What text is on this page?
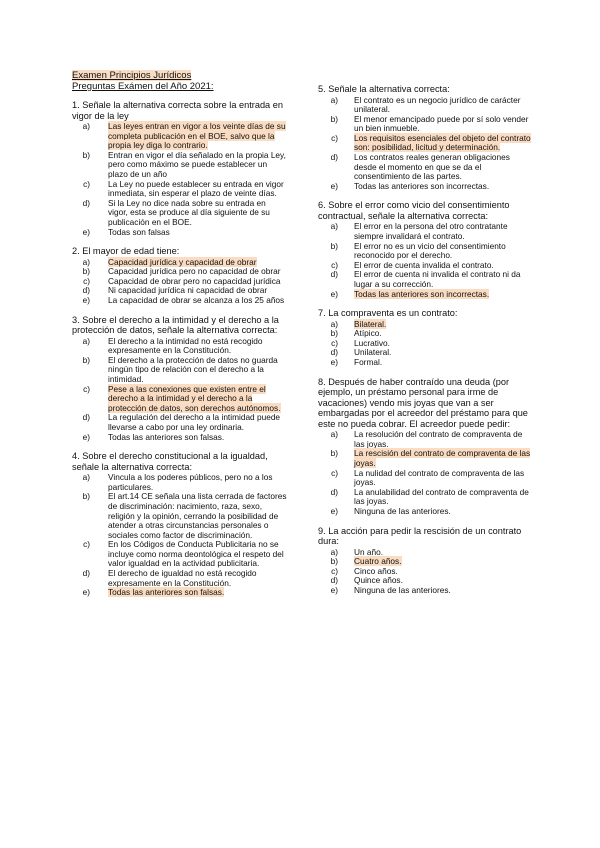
Examen Principios Jurídicos

Preguntas Exámen del Año 2021:

1. Señale la alternativa correcta sobre la entrada en vigor de la ley

a)	Las leyes entran en vigor a los veinte días de su completa publicación en el BOE, salvo que la propia ley diga lo contrario.
b)	Entran en vigor el día señalado en la propia Ley, pero como máximo se puede establecer un plazo de un año
c)	La Ley no puede establecer su entrada en vigor inmediata, sin esperar el plazo de veinte días.
d)	Si la Ley no dice nada sobre su entrada en vigor, esta se produce al día siguiente de su publicación en el BOE.
e)	Todas son falsas

2. El mayor de edad tiene:

a)	Capacidad jurídica y capacidad de obrar
b)	Capacidad jurídica pero no capacidad de obrar
c)	Capacidad de obrar pero no capacidad jurídica
d)	Ni capacidad jurídica ni capacidad de obrar
e)	La capacidad de obrar se alcanza a los 25 años

3. Sobre el derecho a la intimidad y el derecho a la protección de datos, señale la alternativa correcta:

a)	El derecho a la intimidad no está recogido expresamente en la Constitución.
b)	El derecho a la protección de datos no guarda ningún tipo de relación con el derecho a la intimidad.
c)	Pese a las conexiones que existen entre el derecho a la intimidad y el derecho a la protección de datos, son derechos autónomos.
d)	La regulación del derecho a la intimidad puede llevarse a cabo por una ley ordinaria.
e)	Todas las anteriores son falsas.

4. Sobre el derecho constitucional a la igualdad, señale la alternativa correcta:

a)	Vincula a los poderes públicos, pero no a los particulares.
b)	El art.14 CE señala una lista cerrada de factores de discriminación: nacimiento, raza, sexo, religión y la opinión, cerrando la posibilidad de atender a otras circunstancias personales o sociales como factor de discriminación.
c)	En los Códigos de Conducta Publicitaria no se incluye como norma deontológica el respeto del valor igualdad en la actividad publicitaria.
d)	El derecho de igualdad no está recogido expresamente en la Constitución.
e)	Todas las anteriores son falsas.

5. Señale la alternativa correcta:

a)	El contrato es un negocio jurídico de carácter unilateral.
b)	El menor emancipado puede por sí solo vender un bien inmueble.
c)	Los requisitos esenciales del objeto del contrato son: posibilidad, licitud y determinación.
d)	Los contratos reales generan obligaciones desde el momento en que se da el consentimiento de las partes.
e)	Todas las anteriores son incorrectas.

6. Sobre el error como vicio del consentimiento contractual, señale la alternativa correcta:

a)	El error en la persona del otro contratante siempre invalidará el contrato.
b)	El error no es un vicio del consentimiento reconocido por el derecho.
c)	El error de cuenta invalida el contrato.
d)	El error de cuenta ni invalida el contrato ni da lugar a su corrección.
e)	Todas las anteriores son incorrectas.

7. La compraventa es un contrato:

a)	Bilateral.
b)	Atípico.
c)	Lucrativo.
d)	Unilateral.
e)	Formal.

8. Después de haber contraído una deuda (por ejemplo, un préstamo personal para irme de vacaciones) vendo mis joyas que van a ser embargadas por el acreedor del préstamo para que este no pueda cobrar. El acreedor puede pedir:

a)	La resolución del contrato de compraventa de las joyas.
b)	La rescisión del contrato de compraventa de las joyas.
c)	La nulidad del contrato de compraventa de las joyas.
d)	La anulabilidad del contrato de compraventa de las joyas.
e)	Ninguna de las anteriores.

9. La acción para pedir la rescisión de un contrato dura:

a)	Un año.
b)	Cuatro años.
c)	Cinco años.
d)	Quince años.
e)	Ninguna de las anteriores.
